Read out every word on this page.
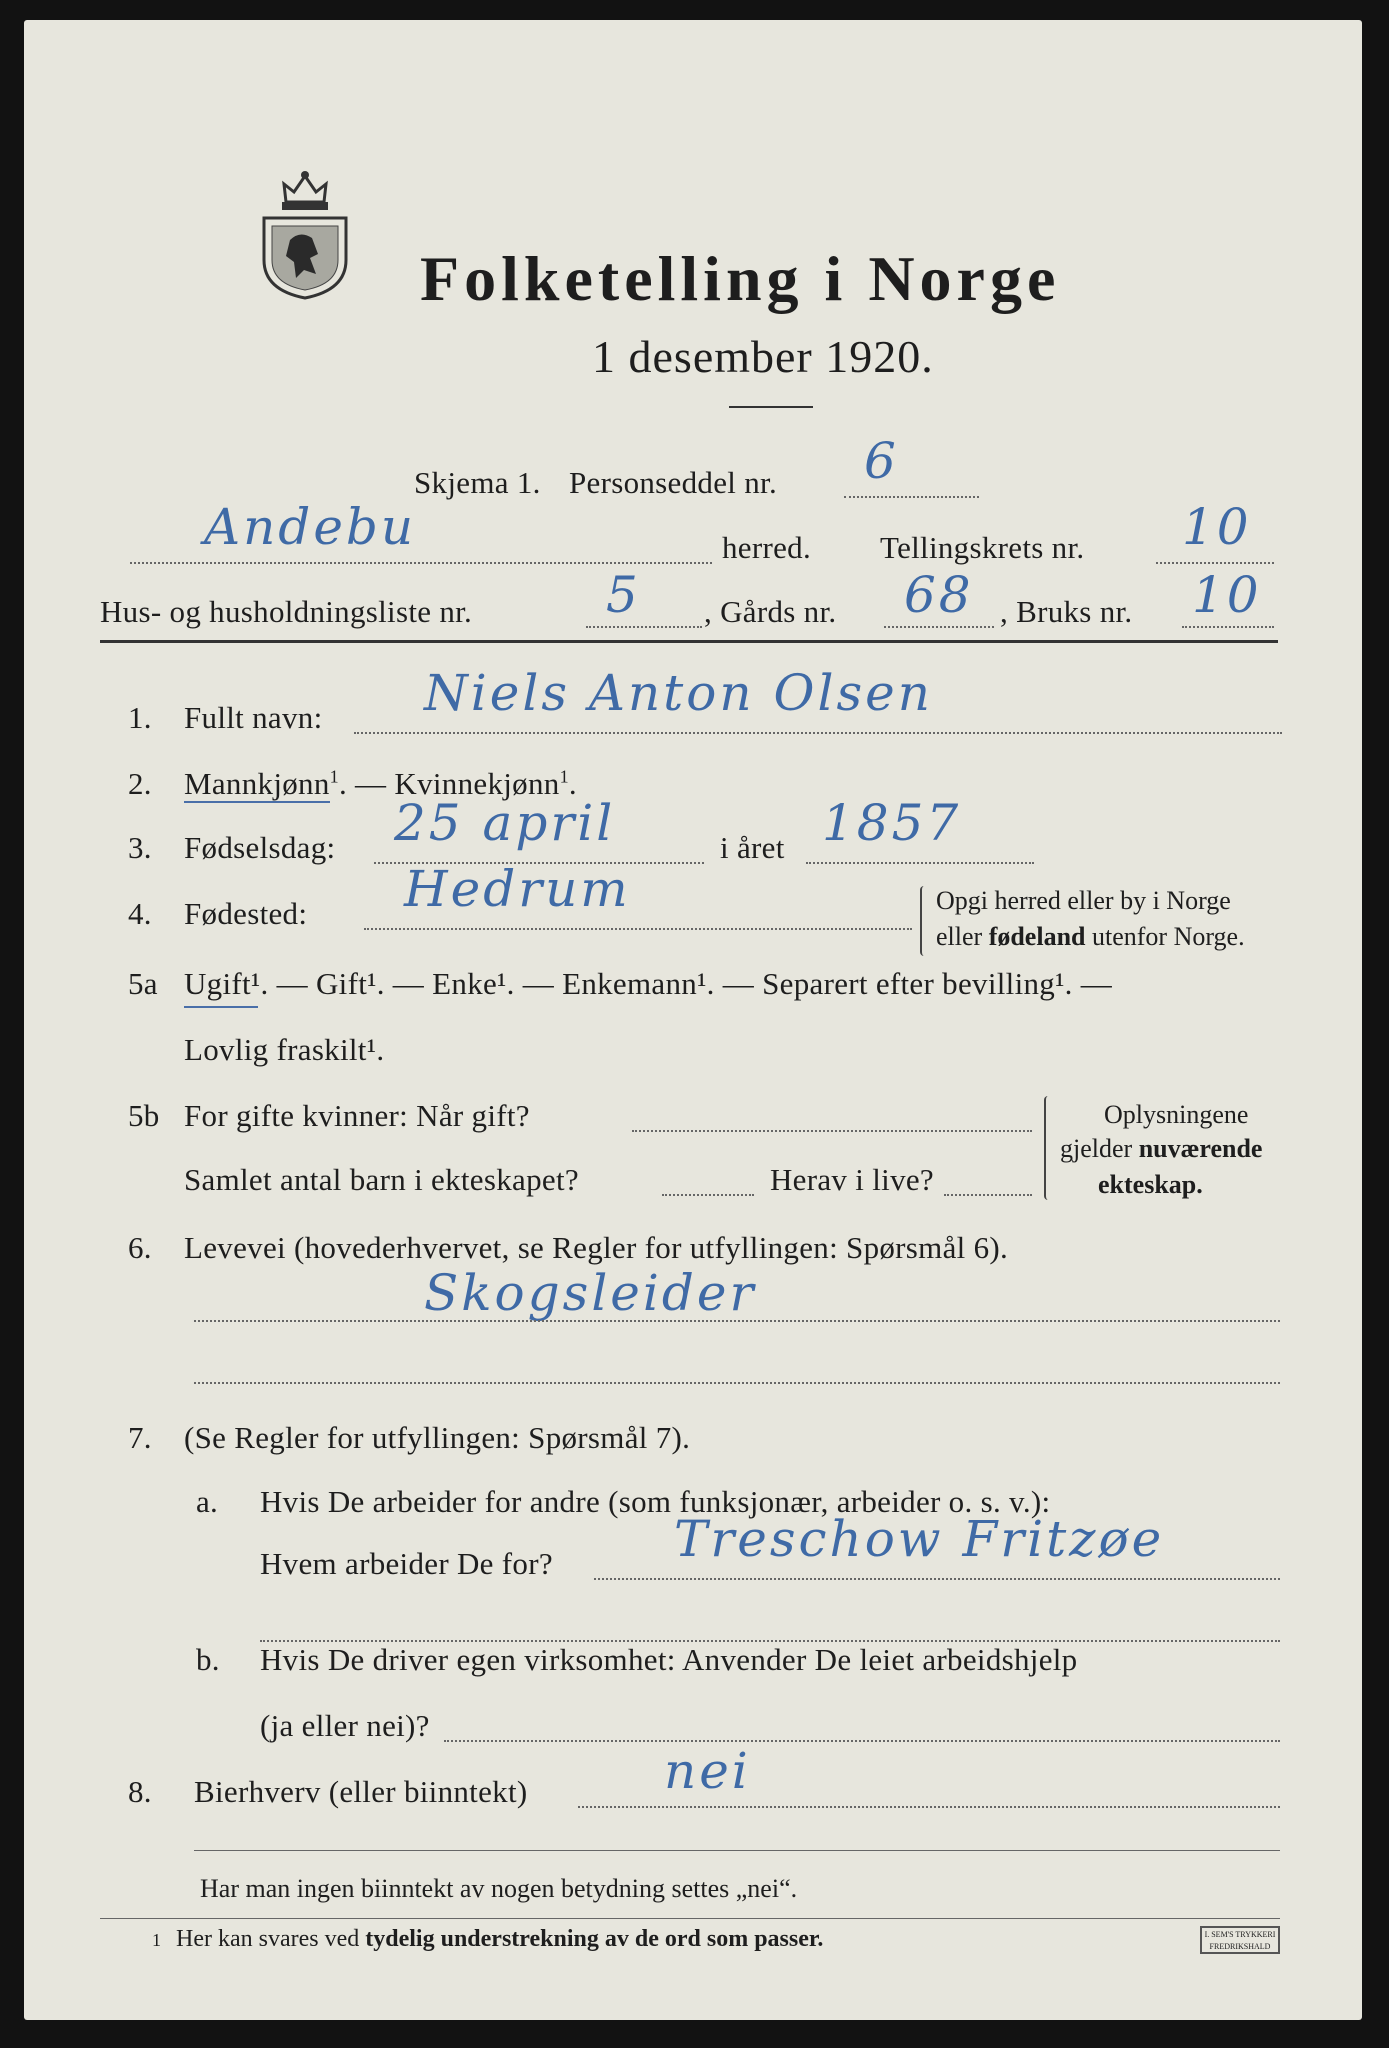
Folketelling i Norge
1 desember 1920.
Skjema 1. Personseddel nr. 6
Andebu	herred. Tellingskrets nr. 10
Hus- og husholdningsliste nr.	5 , Gårds nr. 68 , Bruks nr. 10
1. Fullt navn: Niels Anton Olsen
2. Mannkjønn$^1$. — Kvinnekjønn$^1$.
3. Fødselsdag: 25 april	i året 1857
4. Fødested: Hedrum	Opgi herred eller by i Norge
eller fødeland utenfor Norge.
5a Ugift¹. — Gift¹. — Enke¹. — Enkemann¹. — Separert efter bevilling¹. —
Lovlig fraskilt¹.
5b For gifte kvinner: Når gift?
Samlet antal barn i ekteskapet?	Herav i live?
Oplysningene
gjelder nuværende
ekteskap.
6. Levevei (hovederhvervet, se Regler for utfyllingen: Spørsmål 6).
Skogsleider
7. (Se Regler for utfyllingen: Spørsmål 7).
a. Hvis De arbeider for andre (som funksjonær, arbeider o. s. v.):
Hvem arbeider De for? Treschow Fritzøe
b. Hvis De driver egen virksomhet: Anvender De leiet arbeidshjelp
(ja eller nei)?
8. Bierhverv (eller biinntekt)	nei
Har man ingen biinntekt av nogen betydning settes „nei“.
1 Her kan svares ved tydelig understrekning av de ord som passer.	I. SEM'S TRYKKERI FREDRIKSHALD
